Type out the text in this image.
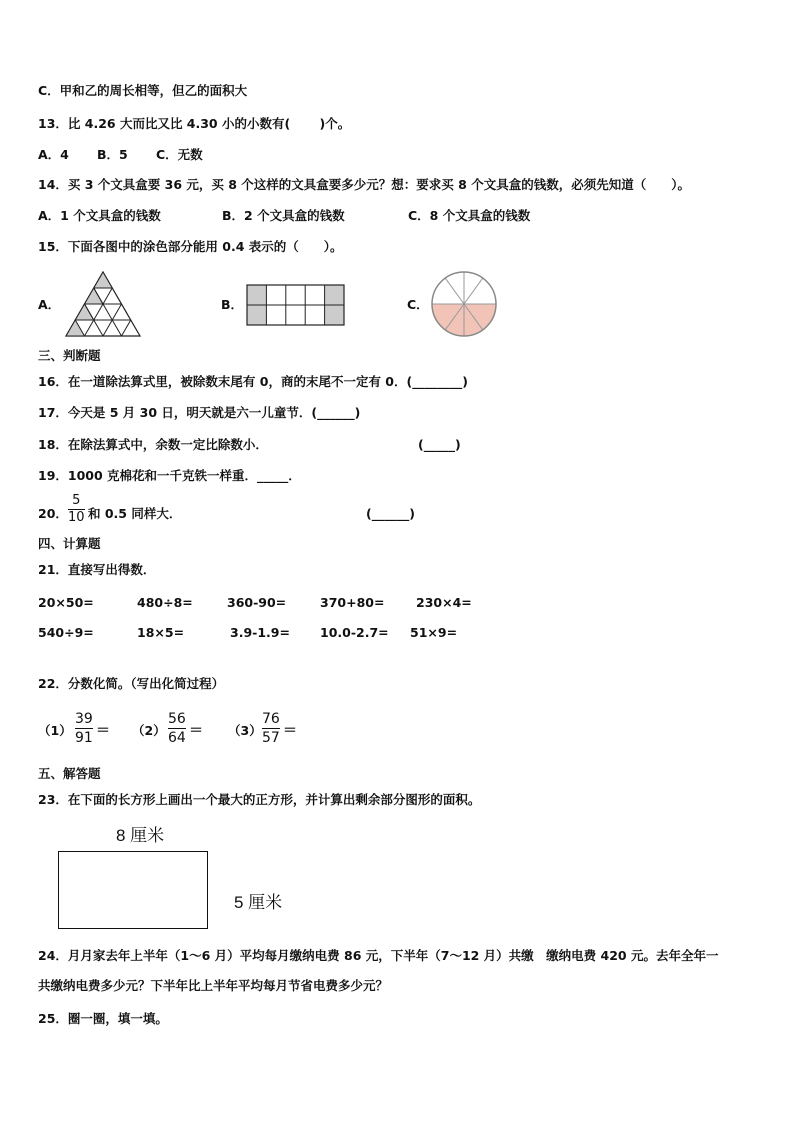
C．甲和乙的周长相等，但乙的面积大
13．比 4.26 大而比又比 4.30 小的小数有(　　 )个。
A．4 B．5 C．无数
14．买 3 个文具盒要 36 元，买 8 个这样的文具盒要多少元？想：要求买 8 个文具盒的钱数，必须先知道（　　）。
A．1 个文具盒的钱数	B．2 个文具盒的钱数	C．8 个文具盒的钱数
15．下面各图中的涂色部分能用 0.4 表示的（　　）。
A．	B．	C．
三、判断题
16．在一道除法算式里，被除数末尾有 0，商的末尾不一定有 0．(________)
17．今天是 5 月 30 日，明天就是六一儿童节．(______)
18．在除法算式中，余数一定比除数小．	(_____)
19．1000 克棉花和一千克铁一样重．_____．
20．
5
10 和 0.5 同样大．	(______)
四、计算题
21．直接写出得数．
20×50=	480÷8=	360-90=	370+80=	230×4=
540÷9=	18×5=	3.9-1.9= 10.0-2.7= 51×9=
22．分数化简。（写出化简过程）
（1）
39
91 ＝ （2）
56
64 ＝ （3）
76
57 ＝
五、解答题
23．在下面的长方形上画出一个最大的正方形，并计算出剩余部分图形的面积。
8 厘米
5 厘米
24．月月家去年上半年（1～6 月）平均每月缴纳电费 86 元，下半年（7～12 月）共缴　缴纳电费 420 元。去年全年一
共缴纳电费多少元？下半年比上半年平均每月节省电费多少元？
25．圈一圈，填一填。
